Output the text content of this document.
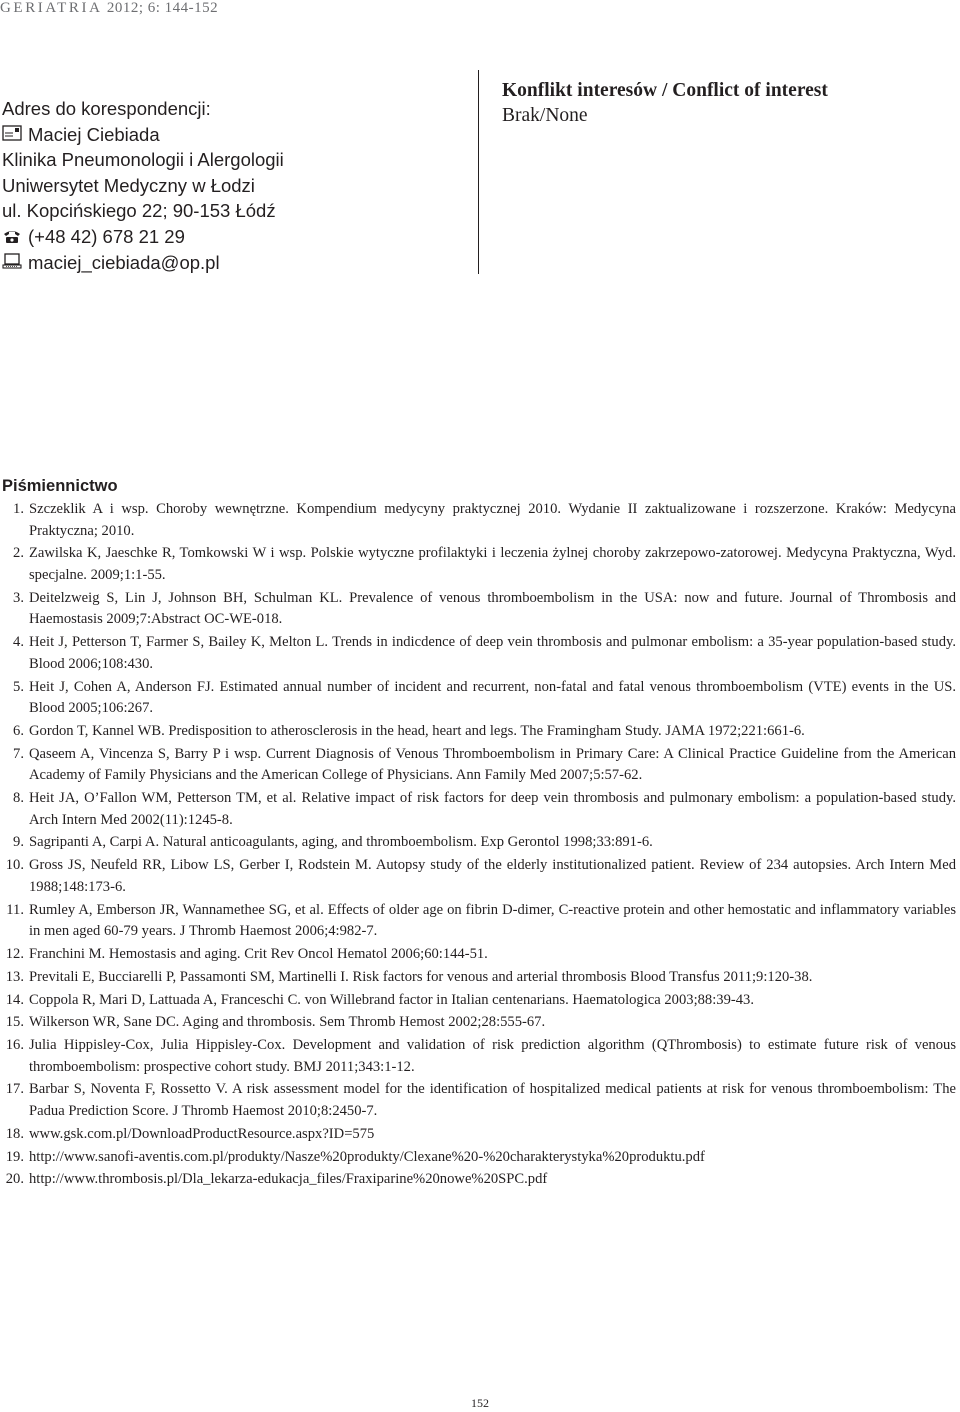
GERIATRIA 2012; 6: 144-152
Adres do korespondencji:
Maciej Ciebiada
Klinika Pneumonologii i Alergologii
Uniwersytet Medyczny w Łodzi
ul. Kopcińskiego 22; 90-153 Łódź
(+48 42) 678 21 29
maciej_ciebiada@op.pl
Konflikt interesów / Conflict of interest
Brak/None
Piśmiennictwo
1. Szczeklik A i wsp. Choroby wewnętrzne. Kompendium medycyny praktycznej 2010. Wydanie II zaktualizowane i rozszerzone. Kraków: Medycyna Praktyczna; 2010.
2. Zawilska K, Jaeschke R, Tomkowski W i wsp. Polskie wytyczne profilaktyki i leczenia żylnej choroby zakrzepowo-zatorowej. Medycyna Praktyczna, Wyd. specjalne. 2009;1:1-55.
3. Deitelzweig S, Lin J, Johnson BH, Schulman KL. Prevalence of venous thromboembolism in the USA: now and future. Journal of Thrombosis and Haemostasis 2009;7:Abstract OC-WE-018.
4. Heit J, Petterson T, Farmer S, Bailey K, Melton L. Trends in indicdence of deep vein thrombosis and pulmonar embolism: a 35-year population-based study. Blood 2006;108:430.
5. Heit J, Cohen A, Anderson FJ. Estimated annual number of incident and recurrent, non-fatal and fatal venous thromboembolism (VTE) events in the US. Blood 2005;106:267.
6. Gordon T, Kannel WB. Predisposition to atherosclerosis in the head, heart and legs. The Framingham Study. JAMA 1972;221:661-6.
7. Qaseem A, Vincenza S, Barry P i wsp. Current Diagnosis of Venous Thromboembolism in Primary Care: A Clinical Practice Guideline from the American Academy of Family Physicians and the American College of Physicians. Ann Family Med 2007;5:57-62.
8. Heit JA, O’Fallon WM, Petterson TM, et al. Relative impact of risk factors for deep vein thrombosis and pulmonary embolism: a population-based study. Arch Intern Med 2002(11):1245-8.
9. Sagripanti A, Carpi A. Natural anticoagulants, aging, and thromboembolism. Exp Gerontol 1998;33:891-6.
10. Gross JS, Neufeld RR, Libow LS, Gerber I, Rodstein M. Autopsy study of the elderly institutionalized patient. Review of 234 autopsies. Arch Intern Med 1988;148:173-6.
11. Rumley A, Emberson JR, Wannamethee SG, et al. Effects of older age on fibrin D-dimer, C-reactive protein and other hemostatic and inflammatory variables in men aged 60-79 years. J Thromb Haemost 2006;4:982-7.
12. Franchini M. Hemostasis and aging. Crit Rev Oncol Hematol 2006;60:144-51.
13. Previtali E, Bucciarelli P, Passamonti SM, Martinelli I. Risk factors for venous and arterial thrombosis Blood Transfus 2011;9:120-38.
14. Coppola R, Mari D, Lattuada A, Franceschi C. von Willebrand factor in Italian centenarians. Haematologica 2003;88:39-43.
15. Wilkerson WR, Sane DC. Aging and thrombosis. Sem Thromb Hemost 2002;28:555-67.
16. Julia Hippisley-Cox, Julia Hippisley-Cox. Development and validation of risk prediction algorithm (QThrombosis) to estimate future risk of venous thromboembolism: prospective cohort study. BMJ 2011;343:1-12.
17. Barbar S, Noventa F, Rossetto V. A risk assessment model for the identification of hospitalized medical patients at risk for venous thromboembolism: The Padua Prediction Score. J Thromb Haemost 2010;8:2450-7.
18. www.gsk.com.pl/DownloadProductResource.aspx?ID=575
19. http://www.sanofi-aventis.com.pl/produkty/Nasze%20produkty/Clexane%20-%20charakterystyka%20produktu.pdf
20. http://www.thrombosis.pl/Dla_lekarza-edukacja_files/Fraxiparine%20nowe%20SPC.pdf
152
